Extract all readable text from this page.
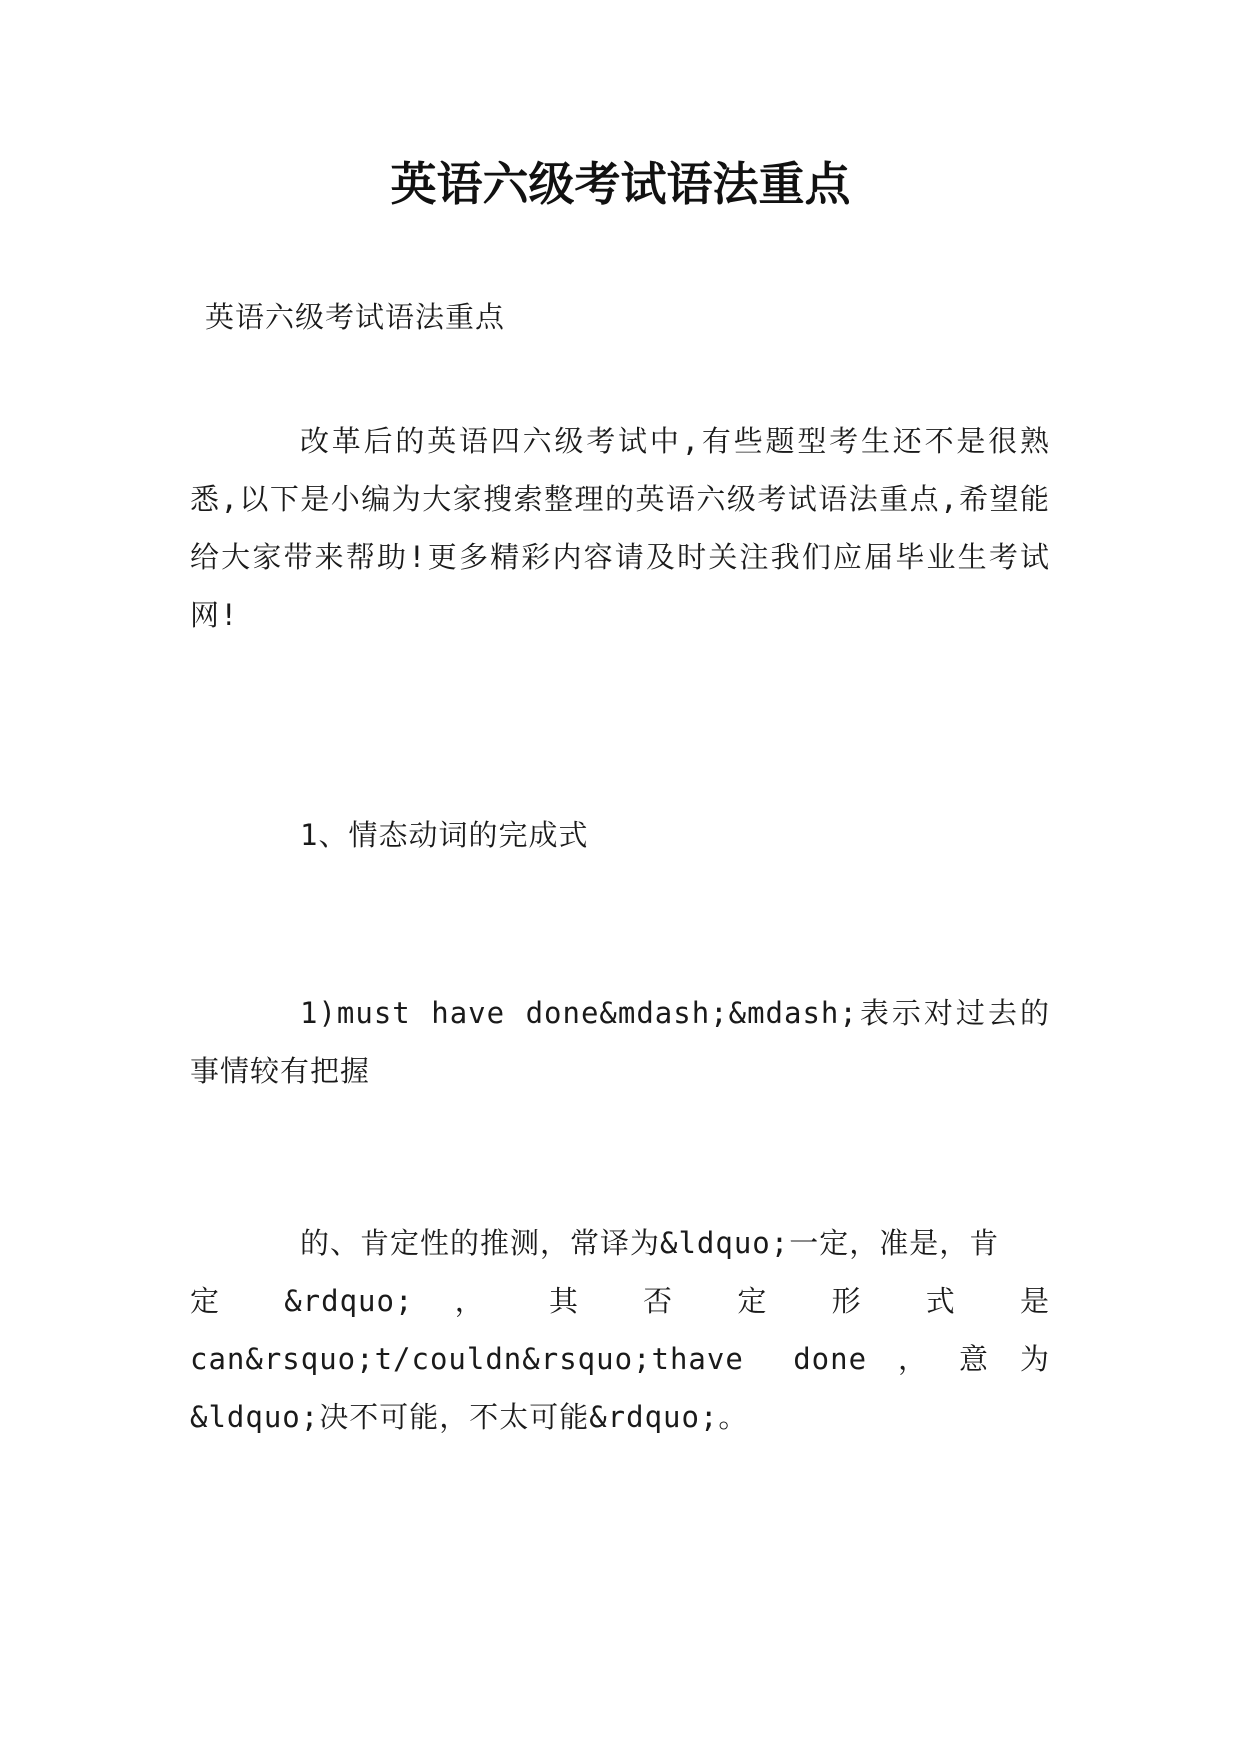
英语六级考试语法重点
英语六级考试语法重点
改革后的英语四六级考试中,有些题型考生还不是很熟悉,以下是小编为大家搜索整理的英语六级考试语法重点,希望能给大家带来帮助!更多精彩内容请及时关注我们应届毕业生考试网!
1、情态动词的完成式
1)must have done&mdash;&mdash;表示对过去的事情较有把握
的、肯定性的推测，常译为&ldquo;一定，准是，肯
定 &rdquo; ， 其 否 定 形 式 是
can&rsquo;t/couldn&rsquo;thave done，意为&ldquo;决不可能，不太可能&rdquo;。
